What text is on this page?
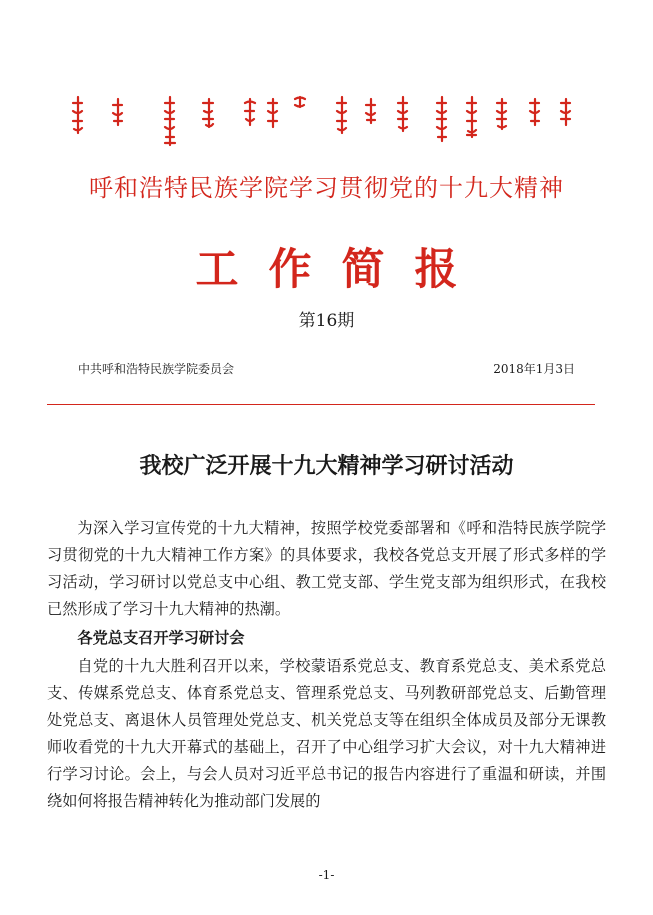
呼和浩特民族学院学习贯彻党的十九大精神
工作简报
第16期
中共呼和浩特民族学院委员会	2018年1月3日
我校广泛开展十九大精神学习研讨活动

为深入学习宣传党的十九大精神，按照学校党委部署和《呼和浩特民族学院学习贯彻党的十九大精神工作方案》的具体要求，我校各党总支开展了形式多样的学习活动，学习研讨以党总支中心组、教工党支部、学生党支部为组织形式，在我校已然形成了学习十九大精神的热潮。

各党总支召开学习研讨会

自党的十九大胜利召开以来，学校蒙语系党总支、教育系党总支、美术系党总支、传媒系党总支、体育系党总支、管理系党总支、马列教研部党总支、后勤管理处党总支、离退休人员管理处党总支、机关党总支等在组织全体成员及部分无课教师收看党的十九大开幕式的基础上，召开了中心组学习扩大会议，对十九大精神进行学习讨论。会上，与会人员对习近平总书记的报告内容进行了重温和研读，并围绕如何将报告精神转化为推动部门发展的

-1-
